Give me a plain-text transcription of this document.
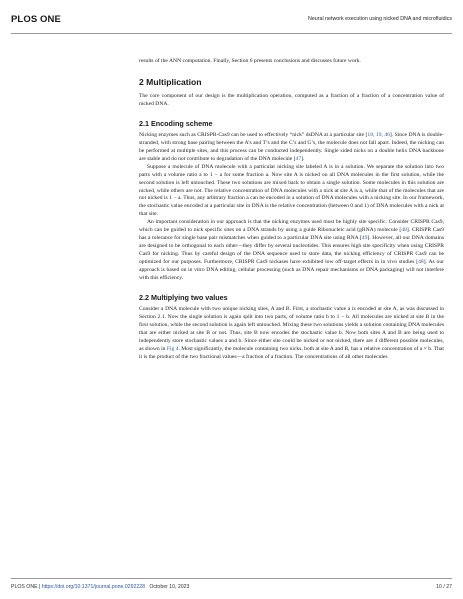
PLOS ONE	Neural network execution using nicked DNA and microfluidics

results of the ANN computation. Finally, Section 6 presents conclusions and discusses future work.

2 Multiplication

The core component of our design is the multiplication operation, computed as a fraction of a fraction of a concentration value of nicked DNA.

2.1 Encoding scheme

Nicking enzymes such as CRISPR-Cas9 can be used to effectively “nick” dsDNA at a particular site [18, 19, 46]. Since DNA is double-stranded, with strong base pairing between the A’s and T’s and the C’s and G’s, the molecule does not fall apart. Indeed, the nicking can be performed at multiple sites, and this process can be conducted independently. Single sided nicks on a double helix DNA backbone are stable and do not contribute to degradation of the DNA molecule [47].

Suppose a molecule of DNA molecule with a particular nicking site labeled A is in a solution. We separate the solution into two parts with a volume ratio a to 1 − a for some fraction a. Now site A is nicked on all DNA molecules in the first solution, while the second solution is left untouched. These two solutions are mixed back to obtain a single solution. Some molecules in this solution are nicked, while others are not. The relative concentration of DNA molecules with a nick at site A is a, while that of the molecules that are not nicked is 1 − a. Thus, any arbitrary fraction a can be encoded in a solution of DNA molecules with a nicking site. In our framework, the stochastic value encoded at a particular site in DNA is the relative concentration (between 0 and 1) of DNA molecules with a nick at that site.

An important consideration in our approach is that the nicking enzymes used must be highly site specific. Consider CRISPR Cas9, which can be guided to nick specific sites on a DNA strands by using a guide Ribonucleic acid (gRNA) molecule [48]. CRISPR Cas9 has a tolerance for single base pair mismatches when guided to a particular DNA site using RNA [49]. However, all our DNA domains are designed to be orthogonal to each other—they differ by several nucleotides. This ensures high site specificity when using CRISPR Cas9 for nicking. Thus by careful design of the DNA sequence used to store data, the nicking efficiency of CRISPR Cas9 can be optimized for our purposes. Furthermore, CRISPR Cas9 nickases have exhibited low off-target effects in in vivo studies [48]. As our approach is based on in vitro DNA editing, cellular processing (such as DNA repair mechanisms or DNA packaging) will not interfere with this efficiency.

2.2 Multiplying two values

Consider a DNA molecule with two unique nicking sites, A and B. First, a stochastic value a is encoded at site A, as was discussed in Section 2.1. Now the single solution is again split into two parts, of volume ratio b to 1 − b. All molecules are nicked at site B in the first solution, while the second solution is again left untouched. Mixing these two solutions yields a solution containing DNA molecules that are either nicked at site B or not. Thus, site B now encodes the stochastic value b. Now both sites A and B are being used to independently store stochastic values a and b. Since either site could be nicked or not nicked, there are 4 different possible molecules, as shown in Fig 4. Most significantly, the molecule containing two nicks, both at site A and B, has a relative concentration of a × b. That it is the product of the two fractional values—a fraction of a fraction. The concentrations of all other molecules

PLOS ONE | https://doi.org/10.1371/journal.pone.0292228 October 10, 2023	10 / 27
